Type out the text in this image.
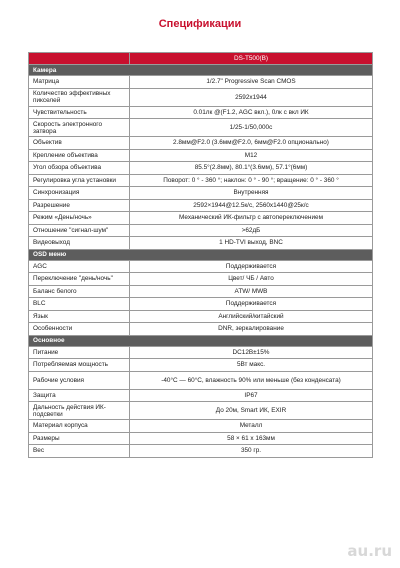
Спецификации
	DS-T500(B)
Камера	
Матрица	1/2.7" Progressive Scan CMOS
Количество эффективных пикселей	2592x1944
Чувствительность	0.01лк @(F1.2, AGC вкл.), 0лк с вкл ИК
Скорость электронного затвора	1/25-1/50,000с
Объектив	2.8мм@F2.0 (3.6мм@F2.0, 6мм@F2.0 опционально)
Крепление объектива	M12
Угол обзора объектива	85.5°(2.8мм), 80.1°(3.6мм), 57.1°(6мм)
Регулировка угла установки	Поворот: 0 ° - 360 °; наклон: 0 ° - 90 °; вращение: 0 ° - 360 °
Синхронизация	Внутренняя
Разрешение	2592×1944@12.5к/с, 2560x1440@25к/с
Режим «День/ночь»	Механический ИК-фильтр с автопереключением
Отношение "сигнал-шум"	>62дБ
Видеовыход	1 HD-TVI выход, BNC
OSD меню	
AGC	Поддерживается
Переключение "день/ночь"	Цвет/ ЧБ / Авто
Баланс белого	ATW/ MWB
BLC	Поддерживается
Язык	Английский/китайский
Особенности	DNR, зеркалирование
Основное	
Питание	DC12В±15%
Потребляемая мощность	5Вт макс.
Рабочие условия	-40°C — 60°C, влажность 90% или меньше (без конденсата)
Защита	IP67
Дальность действия ИК-подсветки	До 20м, Smart ИК, EXIR
Материал корпуса	Металл
Размеры	58 × 61 x 163мм
Вес	350 гр.
au.ru
